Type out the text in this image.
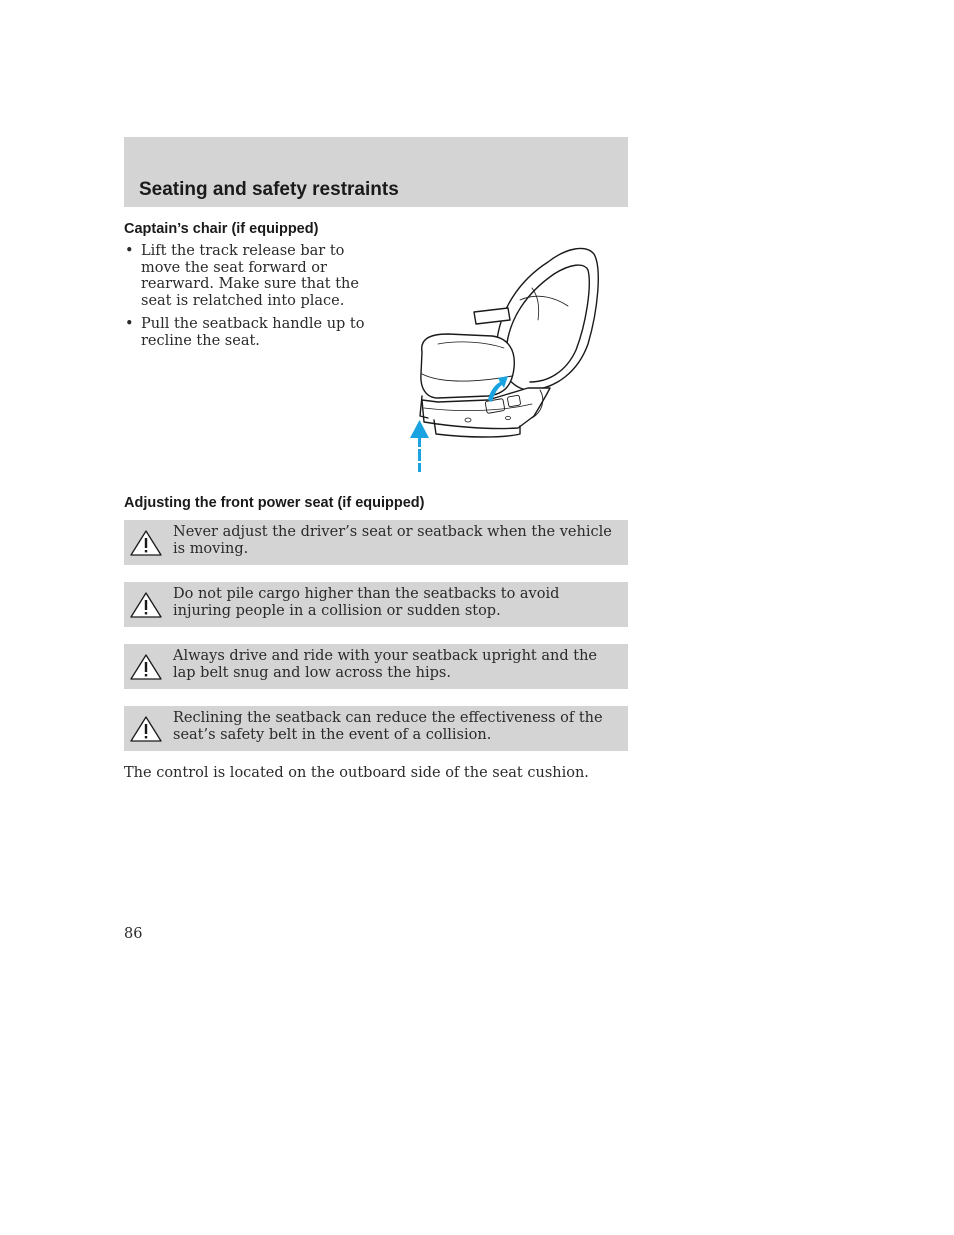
Seating and safety restraints
Captain’s chair (if equipped)
• Lift the track release bar to move the seat forward or rearward. Make sure that the seat is relatched into place.
• Pull the seatback handle up to recline the seat.
Adjusting the front power seat (if equipped)
Never adjust the driver’s seat or seatback when the vehicle is moving.
Do not pile cargo higher than the seatbacks to avoid injuring people in a collision or sudden stop.
Always drive and ride with your seatback upright and the lap belt snug and low across the hips.
Reclining the seatback can reduce the effectiveness of the seat’s safety belt in the event of a collision.

The control is located on the outboard side of the seat cushion.

86
